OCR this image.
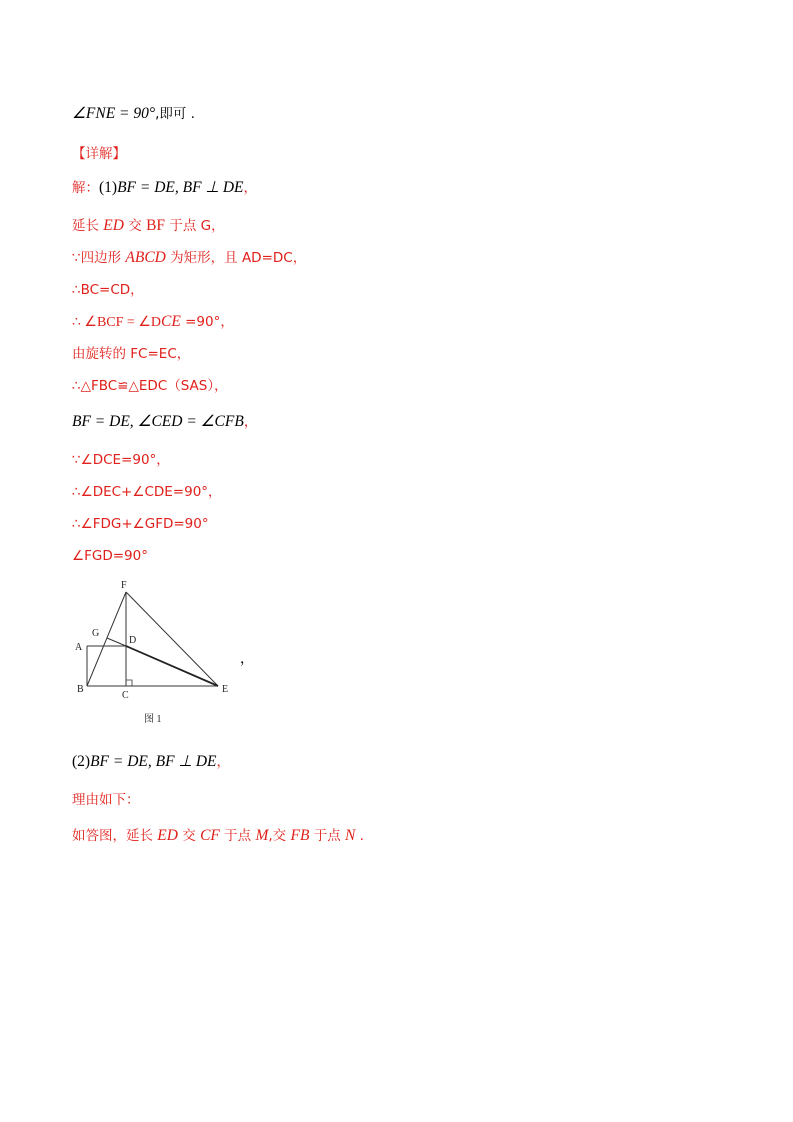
∠FNE = 90°,即可 .
【详解】
解：(1)BF = DE, BF ⊥ DE，
延长 ED 交 BF 于点 G，
∵四边形 ABCD 为矩形，且 AD=DC，
∴BC=CD，
∴ ∠BCF = ∠DCE =90°，
由旋转的 FC=EC，
∴△FBC≌△EDC（SAS），
BF = DE, ∠CED = ∠CFB，
∵∠DCE=90°，
∴∠DEC+∠CDE=90°，
∴∠FDG+∠GFD=90°
∠FGD=90°
F
G
A
D
B
C
E
图 1
，
(2)BF = DE, BF ⊥ DE，
理由如下：
如答图，延长 ED 交 CF 于点 M,交 FB 于点 N .
